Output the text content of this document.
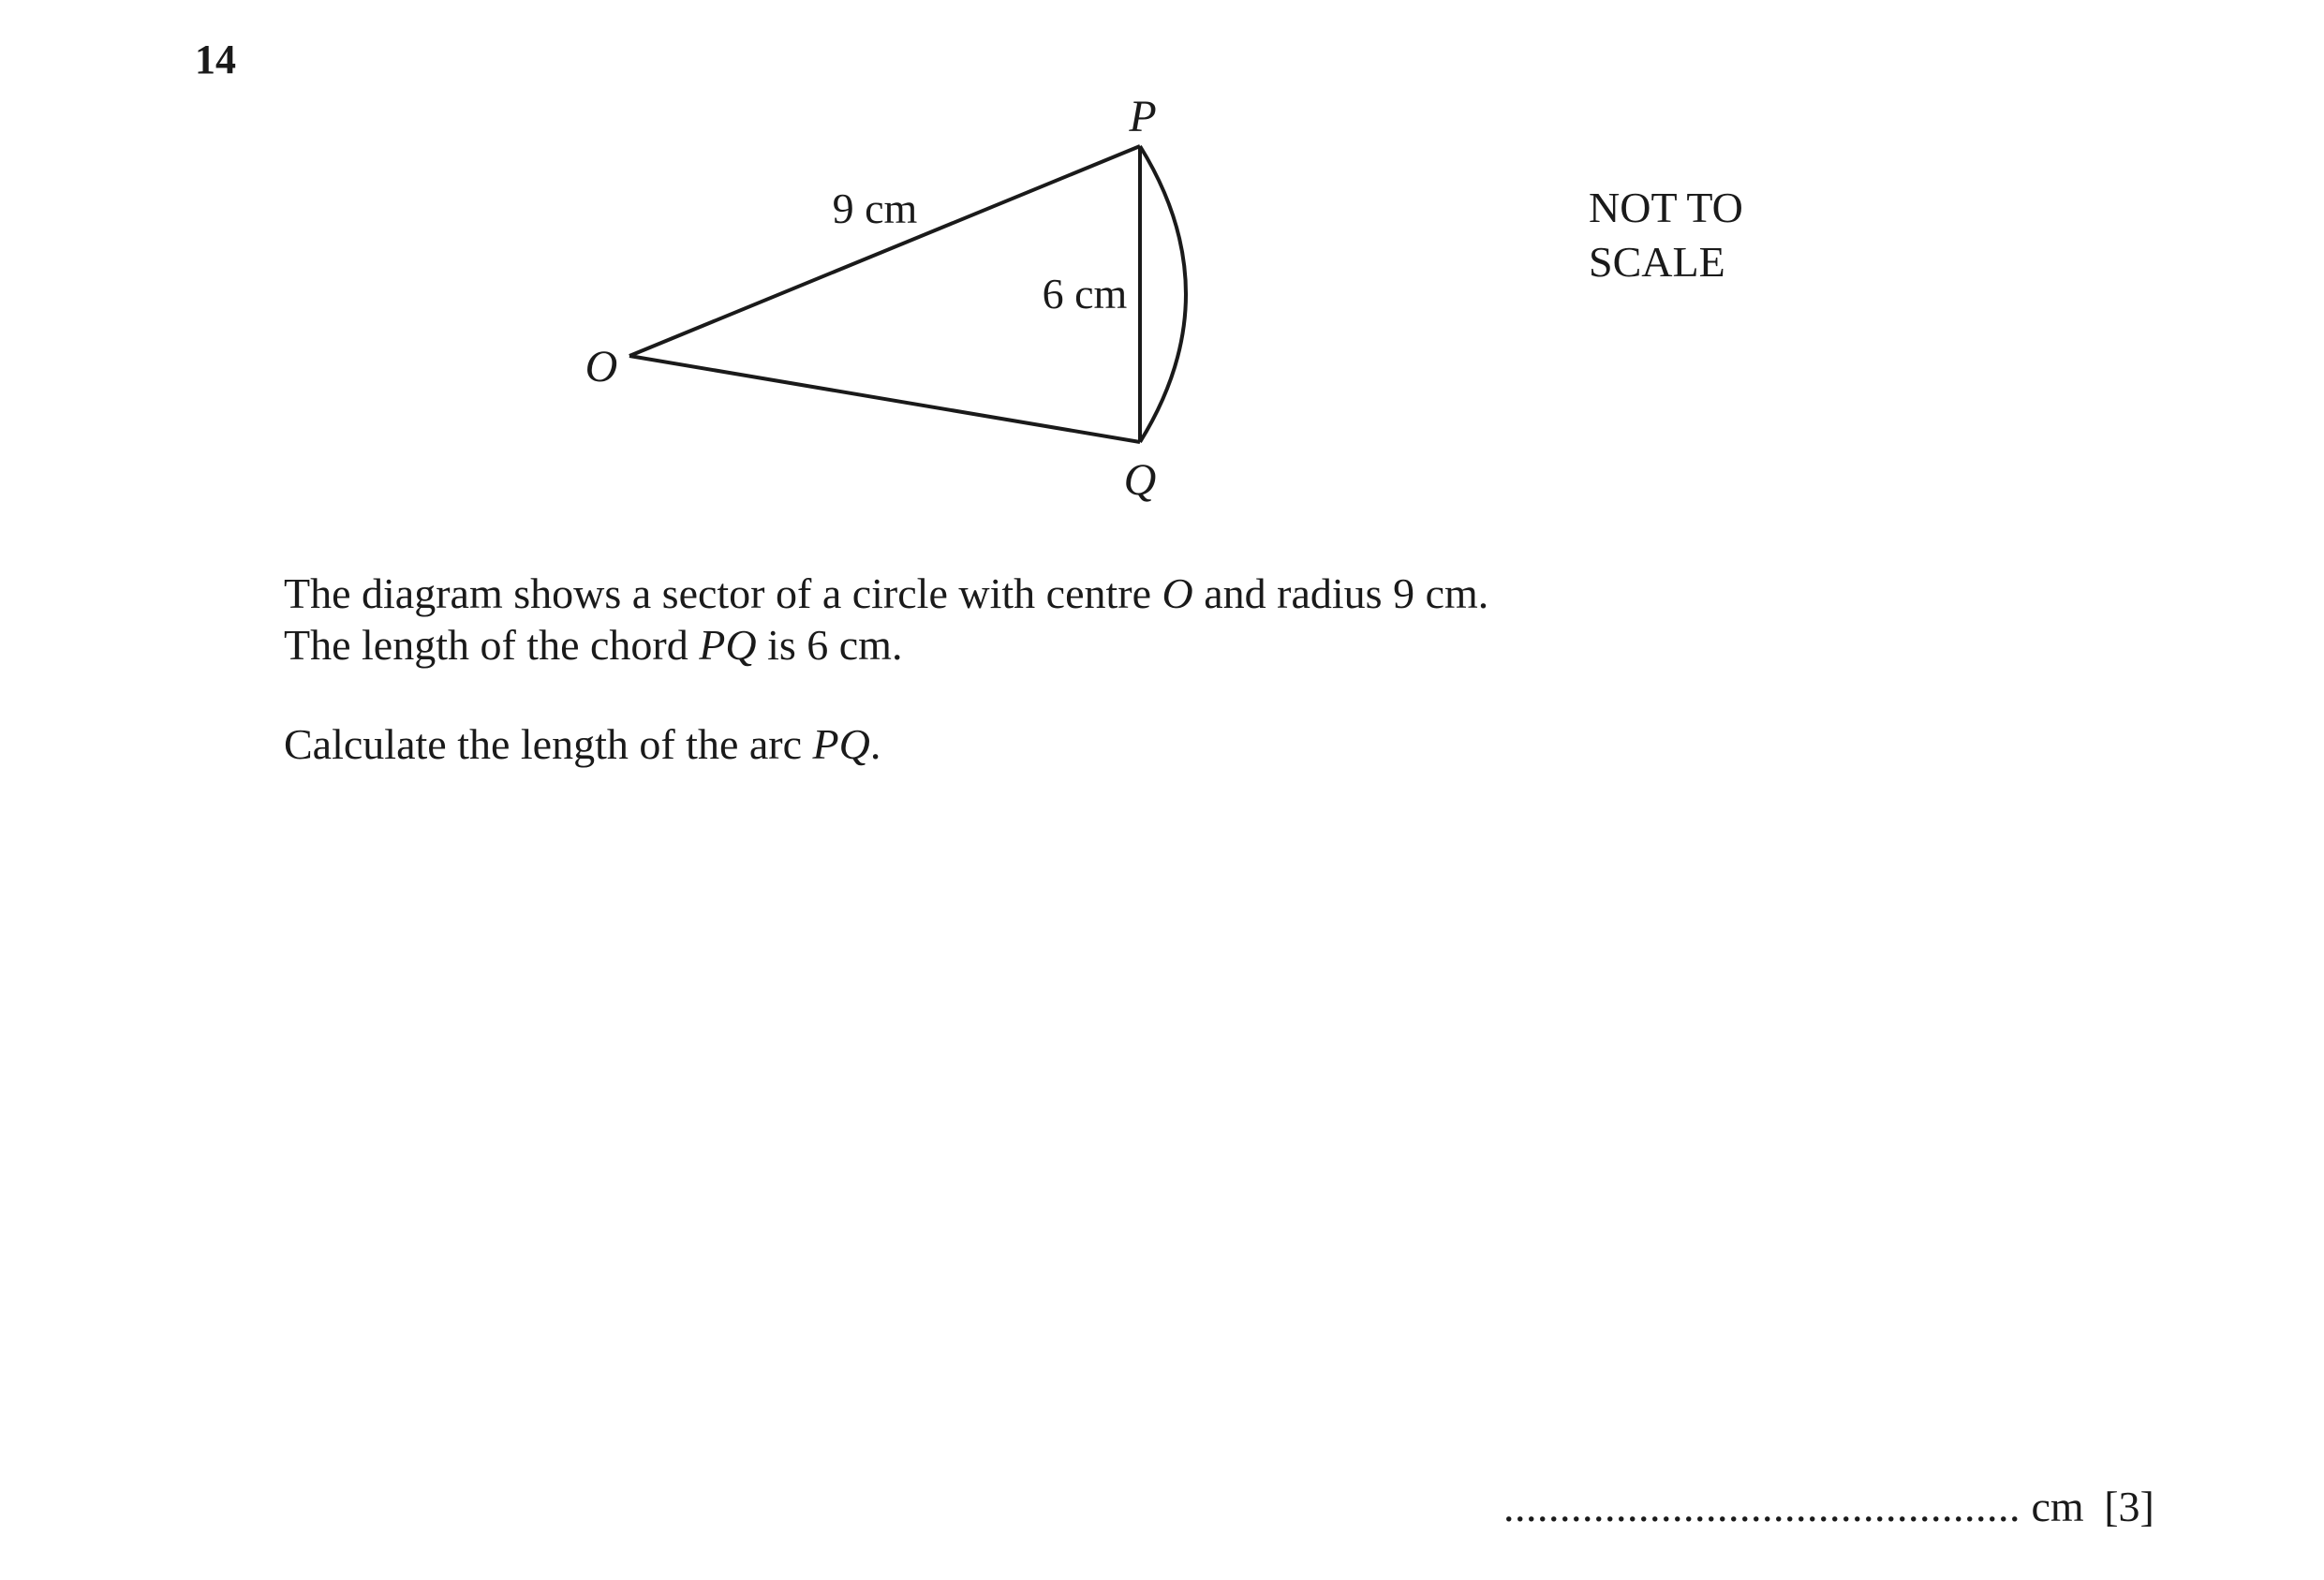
14
P
O
Q
9 cm
6 cm
NOT TO
SCALE
The diagram shows a sector of a circle with centre O and radius 9 cm.
The length of the chord PQ is 6 cm.
Calculate the length of the arc PQ.
.............................................. cm [3]
